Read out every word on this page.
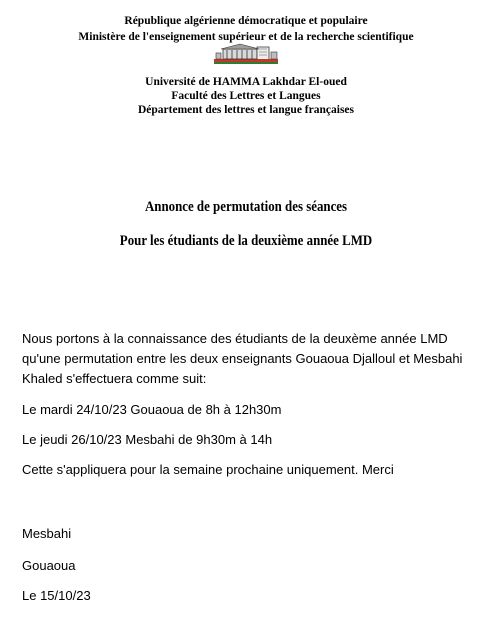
République algérienne démocratique et populaire
Ministère de l'enseignement supérieur et de la recherche scientifique
Université de HAMMA Lakhdar El-oued
Faculté des Lettres et Langues
Département des lettres et langue françaises
Annonce de permutation des séances
Pour les étudiants de la deuxième année LMD
Nous portons à la connaissance des étudiants de la deuxème année LMD
qu'une permutation entre les deux enseignants Gouaoua Djalloul et Mesbahi
Khaled s'effectuera comme suit:
Le mardi 24/10/23 Gouaoua de 8h à 12h30m
Le jeudi 26/10/23 Mesbahi de 9h30m à 14h
Cette s'appliquera pour la semaine prochaine uniquement. Merci
Mesbahi
Gouaoua
Le 15/10/23
